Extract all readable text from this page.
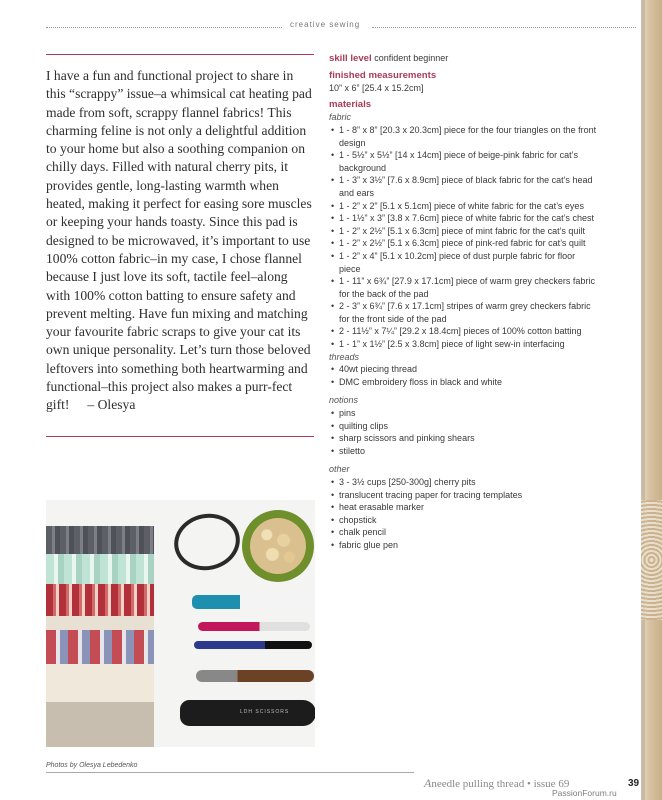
creative sewing

I have a fun and functional project to share in this “scrappy” issue–a whimsical cat heating pad made from soft, scrappy flannel fabrics! This charming feline is not only a delightful addition to your home but also a soothing companion on chilly days. Filled with natural cherry pits, it provides gentle, long-lasting warmth when heated, making it perfect for easing sore muscles or keeping your hands toasty. Since this pad is designed to be microwaved, it’s important to use 100% cotton fabric–in my case, I chose flannel because I just love its soft, tactile feel–along with 100% cotton batting to ensure safety and prevent melting. Have fun mixing and matching your favourite fabric scraps to give your cat its own unique personality. Let’s turn those beloved leftovers into something both heartwarming and functional–this project also makes a purr-fect gift! – Olesya

skill level confident beginner
finished measurements
10” x 6” [25.4 x 15.2cm]
materials
fabric
• 1 - 8” x 8” [20.3 x 20.3cm] piece for the four triangles on the front design
• 1 - 5½” x 5½” [14 x 14cm] piece of beige-pink fabric for cat’s background
• 1 - 3” x 3½” [7.6 x 8.9cm] piece of black fabric for the cat’s head and ears
• 1 - 2” x 2” [5.1 x 5.1cm] piece of white fabric for the cat’s eyes
• 1 - 1½” x 3” [3.8 x 7.6cm] piece of white fabric for the cat’s chest
• 1 - 2” x 2½” [5.1 x 6.3cm] piece of mint fabric for the cat’s quilt
• 1 - 2” x 2½” [5.1 x 6.3cm] piece of pink-red fabric for cat’s quilt
• 1 - 2” x 4” [5.1 x 10.2cm] piece of dust purple fabric for floor piece
• 1 - 11” x 6¾” [27.9 x 17.1cm] piece of warm grey checkers fabric for the back of the pad
• 2 - 3” x 6¾” [7.6 x 17.1cm] stripes of warm grey checkers fabric for the front side of the pad
• 2 - 11½” x 7¼” [29.2 x 18.4cm] pieces of 100% cotton batting
• 1 - 1” x 1½” [2.5 x 3.8cm] piece of light sew-in interfacing
threads
• 40wt piecing thread
• DMC embroidery floss in black and white
notions
• pins
• quilting clips
• sharp scissors and pinking shears
• stiletto
other
• 3 - 3½ cups [250-300g] cherry pits
• translucent tracing paper for tracing templates
• heat erasable marker
• chopstick
• chalk pencil
• fabric glue pen
LDH SCISSORS
Photos by Olesya Lebedenko
Aneedle pulling thread • issue 69	39
PassionForum.ru
